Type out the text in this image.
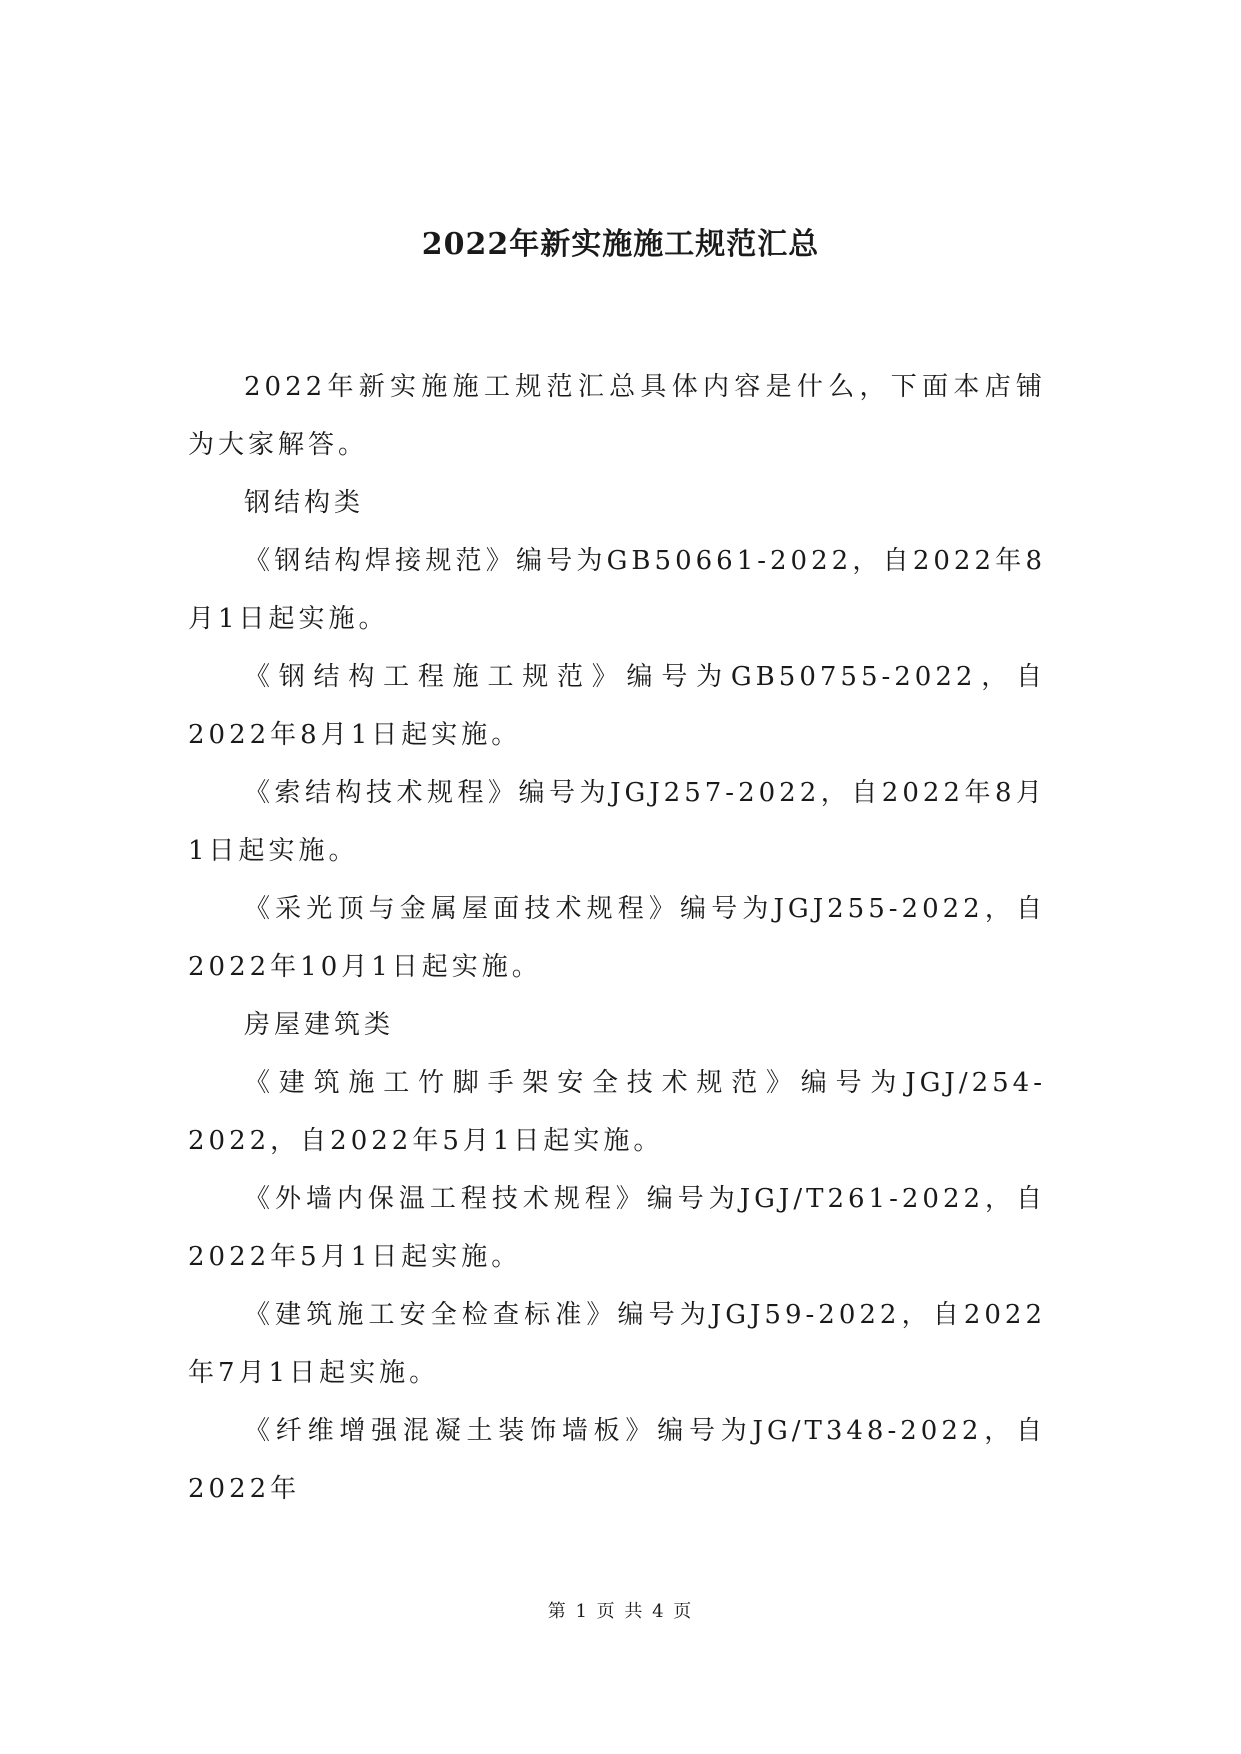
2022年新实施施工规范汇总

2022年新实施施工规范汇总具体内容是什么，下面本店铺为大家解答。

钢结构类

《钢结构焊接规范》编号为GB50661-2022，自2022年8月1日起实施。

《钢结构工程施工规范》编号为GB50755-2022，自2022年8月1日起实施。

《索结构技术规程》编号为JGJ257-2022，自2022年8月1日起实施。

《采光顶与金属屋面技术规程》编号为JGJ255-2022，自2022年10月1日起实施。

房屋建筑类

《建筑施工竹脚手架安全技术规范》编号为JGJ/254-2022，自2022年5月1日起实施。

《外墙内保温工程技术规程》编号为JGJ/T261-2022，自2022年5月1日起实施。

《建筑施工安全检查标准》编号为JGJ59-2022，自2022年7月1日起实施。

《纤维增强混凝土装饰墙板》编号为JG/T348-2022，自2022年

第 1 页 共 4 页
